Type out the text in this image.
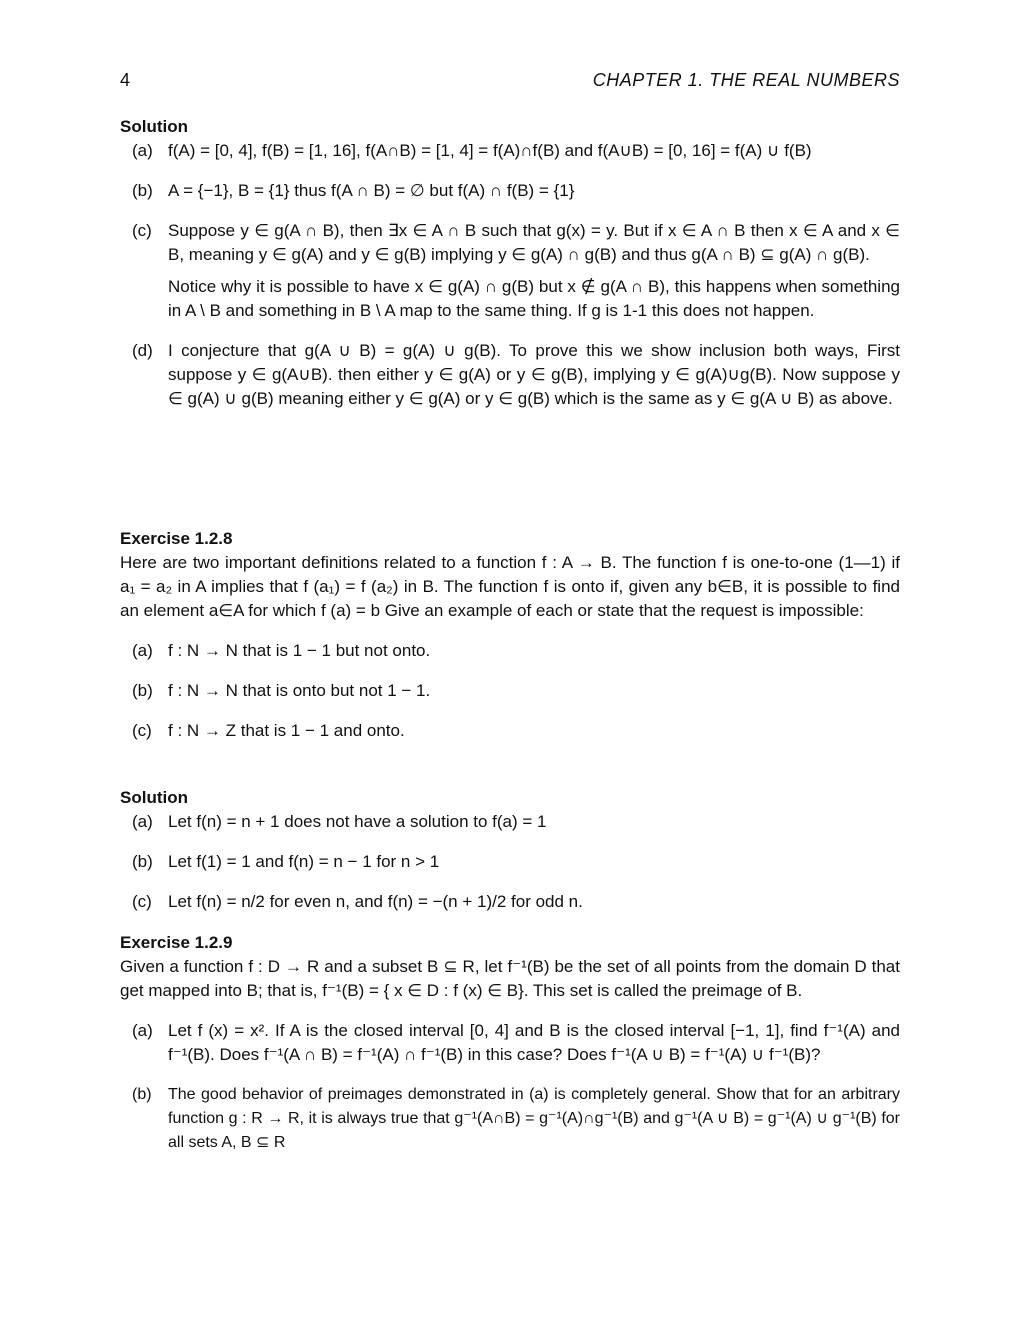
4	CHAPTER 1. THE REAL NUMBERS
Solution
(a) f(A) = [0, 4], f(B) = [1, 16], f(A∩B) = [1, 4] = f(A)∩f(B) and f(A∪B) = [0, 16] = f(A) ∪ f(B)
(b) A = {−1}, B = {1} thus f(A ∩ B) = ∅ but f(A) ∩ f(B) = {1}
(c) Suppose y ∈ g(A ∩ B), then ∃x ∈ A ∩ B such that g(x) = y. But if x ∈ A ∩ B then x ∈ A and x ∈ B, meaning y ∈ g(A) and y ∈ g(B) implying y ∈ g(A) ∩ g(B) and thus g(A ∩ B) ⊆ g(A) ∩ g(B).
Notice why it is possible to have x ∈ g(A) ∩ g(B) but x ∉ g(A ∩ B), this happens when something in A \ B and something in B \ A map to the same thing. If g is 1-1 this does not happen.
(d) I conjecture that g(A ∪ B) = g(A) ∪ g(B). To prove this we show inclusion both ways, First suppose y ∈ g(A∪B). then either y ∈ g(A) or y ∈ g(B), implying y ∈ g(A)∪g(B). Now suppose y ∈ g(A) ∪ g(B) meaning either y ∈ g(A) or y ∈ g(B) which is the same as y ∈ g(A ∪ B) as above.
Exercise 1.2.8
Here are two important definitions related to a function f : A → B. The function f is one-to-one (1—1) if a₁ = a₂ in A implies that f (a₁) = f (a₂) in B. The function f is onto if, given any b∈B, it is possible to find an element a∈A for which f (a) = b Give an example of each or state that the request is impossible:
(a) f : N → N that is 1 − 1 but not onto.
(b) f : N → N that is onto but not 1 − 1.
(c) f : N → Z that is 1 − 1 and onto.
Solution
(a) Let f(n) = n + 1 does not have a solution to f(a) = 1
(b) Let f(1) = 1 and f(n) = n − 1 for n > 1
(c) Let f(n) = n/2 for even n, and f(n) = −(n + 1)/2 for odd n.
Exercise 1.2.9
Given a function f : D → R and a subset B ⊆ R, let f⁻¹(B) be the set of all points from the domain D that get mapped into B; that is, f⁻¹(B) = { x ∈ D : f (x) ∈ B}. This set is called the preimage of B.
(a) Let f (x) = x². If A is the closed interval [0, 4] and B is the closed interval [−1, 1], find f⁻¹(A) and f⁻¹(B). Does f⁻¹(A ∩ B) = f⁻¹(A) ∩ f⁻¹(B) in this case? Does f⁻¹(A ∪ B) = f⁻¹(A) ∪ f⁻¹(B)?
(b) The good behavior of preimages demonstrated in (a) is completely general. Show that for an arbitrary function g : R → R, it is always true that g⁻¹(A∩B) = g⁻¹(A)∩g⁻¹(B) and g⁻¹(A ∪ B) = g⁻¹(A) ∪ g⁻¹(B) for all sets A, B ⊆ R
